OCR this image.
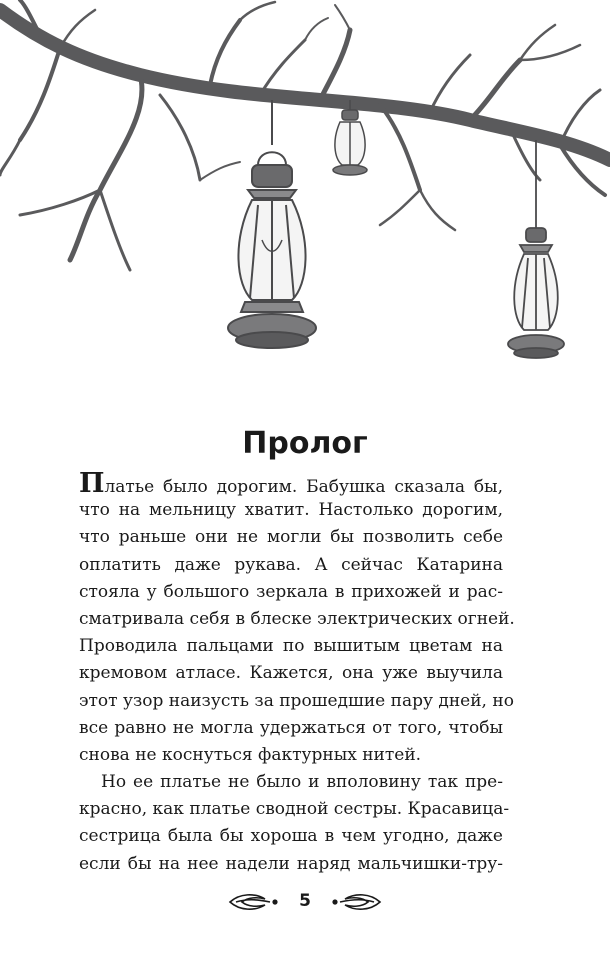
Пролог
Платье было дорогим. Бабушка сказала бы,
что на мельницу хватит. Настолько дорогим,
что раньше они не могли бы позволить себе
оплатить даже рукава. А сейчас Катарина
стояла у большого зеркала в прихожей и рас-
сматривала себя в блеске электрических огней.
Проводила пальцами по вышитым цветам на
кремовом атласе. Кажется, она уже выучила
этот узор наизусть за прошедшие пару дней, но
все равно не могла удержаться от того, чтобы
снова не коснуться фактурных нитей.
Но ее платье не было и вполовину так пре-
красно, как платье сводной сестры. Красавица-
сестрица была бы хороша в чем угодно, даже
если бы на нее надели наряд мальчишки-тру-
5
